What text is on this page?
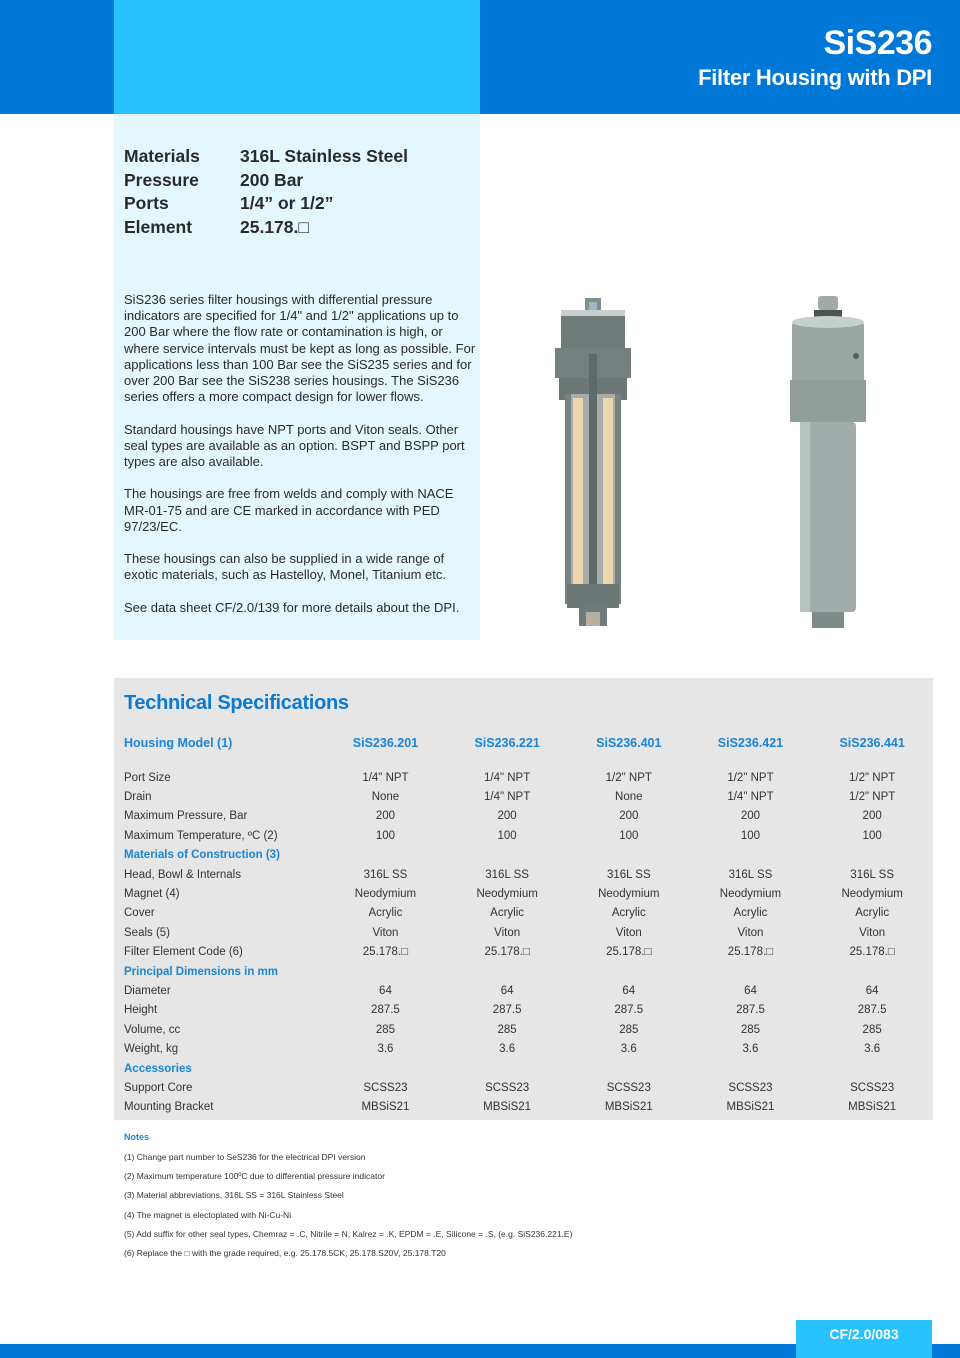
SiS236
Filter Housing with DPI
Materials	316L Stainless Steel
Pressure	200 Bar
Ports	1/4” or 1/2”
Element	25.178.□

SiS236 series filter housings with differential pressure indicators are specified for 1/4" and 1/2" applications up to 200 Bar where the flow rate or contamination is high, or where service intervals must be kept as long as possible. For applications less than 100 Bar see the SiS235 series and for over 200 Bar see the SiS238 series housings. The SiS236 series offers a more compact design for lower flows.

Standard housings have NPT ports and Viton seals. Other seal types are available as an option. BSPT and BSPP port types are also available.

The housings are free from welds and comply with NACE MR-01-75 and are CE marked in accordance with PED 97/23/EC.

These housings can also be supplied in a wide range of exotic materials, such as Hastelloy, Monel, Titanium etc.

See data sheet CF/2.0/139 for more details about the DPI.

Technical Specifications
Housing Model (1)	SiS236.201	SiS236.221	SiS236.401	SiS236.421	SiS236.441

Port Size	1/4" NPT	1/4" NPT	1/2" NPT	1/2" NPT	1/2" NPT
Drain	None	1/4" NPT	None	1/4" NPT	1/2" NPT
Maximum Pressure, Bar	200	200	200	200	200
Maximum Temperature, ºC (2)	100	100	100	100	100
Materials of Construction (3)					
Head, Bowl & Internals	316L SS	316L SS	316L SS	316L SS	316L SS
Magnet (4)	Neodymium	Neodymium	Neodymium	Neodymium	Neodymium
Cover	Acrylic	Acrylic	Acrylic	Acrylic	Acrylic
Seals (5)	Viton	Viton	Viton	Viton	Viton
Filter Element Code (6)	25.178.□	25.178.□	25.178.□	25.178.□	25.178.□
Principal Dimensions in mm					
Diameter	64	64	64	64	64
Height	287.5	287.5	287.5	287.5	287.5
Volume, cc	285	285	285	285	285
Weight, kg	3.6	3.6	3.6	3.6	3.6
Accessories					
Support Core	SCSS23	SCSS23	SCSS23	SCSS23	SCSS23
Mounting Bracket	MBSiS21	MBSiS21	MBSiS21	MBSiS21	MBSiS21
Notes
(1) Change part number to SeS236 for the electrical DPI version
(2) Maximum temperature 100ºC due to differential pressure indicator
(3) Material abbreviations, 316L SS = 316L Stainless Steel
(4) The magnet is electoplated with Ni-Cu-Ni
(5) Add suffix for other seal types, Chemraz = .C, Nitrile = N, Kalrez = .K, EPDM = .E, Silicone = .S, (e.g. SiS236.221.E)
(6) Replace the □ with the grade required, e.g. 25.178.5CK, 25.178.S20V, 25.178.T20
CF/2.0/083
